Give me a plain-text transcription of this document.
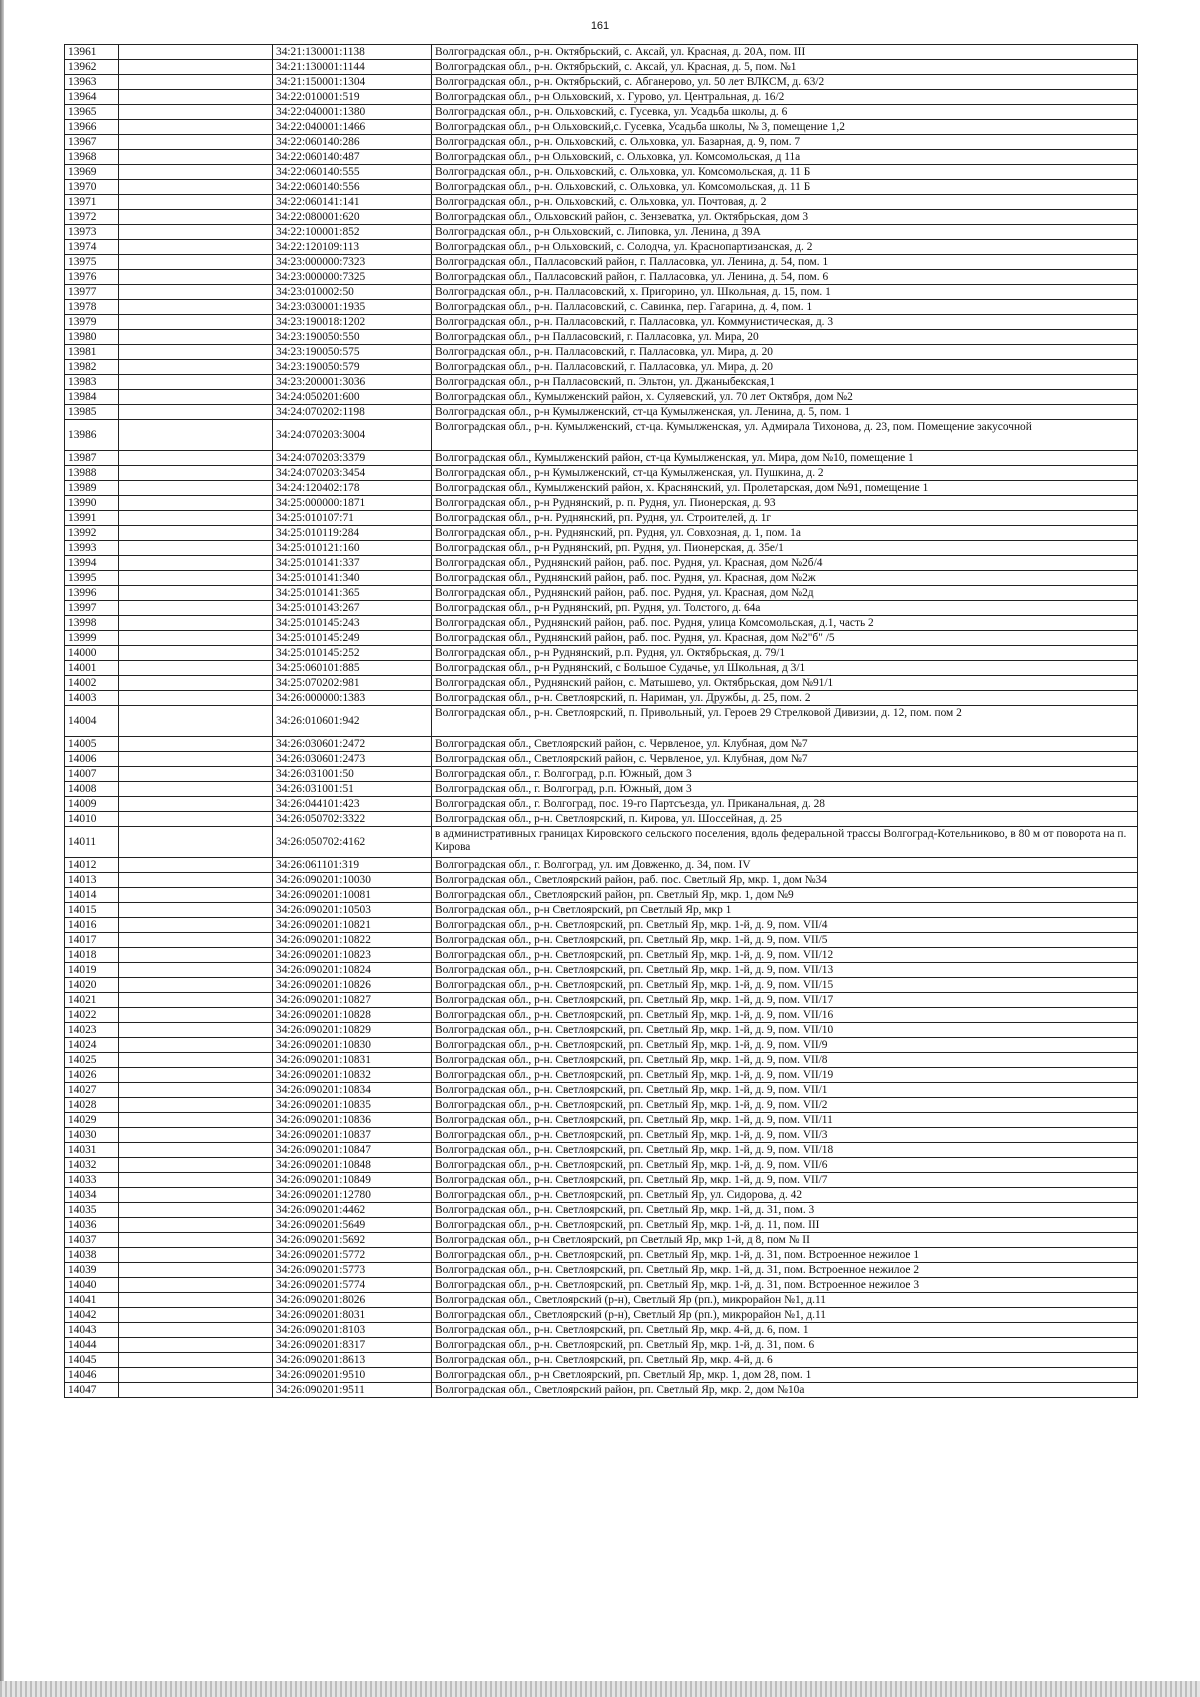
161
13961		34:21:130001:1138	Волгоградская обл., р-н. Октябрьский, с. Аксай, ул. Красная, д. 20А, пом. III
13962		34:21:130001:1144	Волгоградская обл., р-н. Октябрьский, с. Аксай, ул. Красная, д. 5, пом. №1
13963		34:21:150001:1304	Волгоградская обл., р-н. Октябрьский, с. Абганерово, ул. 50 лет ВЛКСМ, д. 63/2
13964		34:22:010001:519	Волгоградская обл., р-н Ольховский, х. Гурово, ул. Центральная, д. 16/2
13965		34:22:040001:1380	Волгоградская обл., р-н. Ольховский, с. Гусевка, ул. Усадьба школы, д. 6
13966		34:22:040001:1466	Волгоградская обл., р-н Ольховский,с. Гусевка, Усадьба школы, № 3, помещение 1,2
13967		34:22:060140:286	Волгоградская обл., р-н. Ольховский, с. Ольховка, ул. Базарная, д. 9, пом. 7
13968		34:22:060140:487	Волгоградская обл., р-н Ольховский, с. Ольховка, ул. Комсомольская, д 11а
13969		34:22:060140:555	Волгоградская обл., р-н. Ольховский, с. Ольховка, ул. Комсомольская, д. 11 Б
13970		34:22:060140:556	Волгоградская обл., р-н. Ольховский, с. Ольховка, ул. Комсомольская, д. 11 Б
13971		34:22:060141:141	Волгоградская обл., р-н. Ольховский, с. Ольховка, ул. Почтовая, д. 2
13972		34:22:080001:620	Волгоградская обл., Ольховский район, с. Зензеватка, ул. Октябрьская, дом 3
13973		34:22:100001:852	Волгоградская обл., р-н Ольховский, с. Липовка, ул. Ленина, д 39А
13974		34:22:120109:113	Волгоградская обл., р-н Ольховский, с. Солодча, ул. Краснопартизанская, д. 2
13975		34:23:000000:7323	Волгоградская обл., Палласовский район, г. Палласовка, ул. Ленина, д. 54, пом. 1
13976		34:23:000000:7325	Волгоградская обл., Палласовский район, г. Палласовка, ул. Ленина, д. 54, пом. 6
13977		34:23:010002:50	Волгоградская обл., р-н. Палласовский, х. Пригорино, ул. Школьная, д. 15, пом. 1
13978		34:23:030001:1935	Волгоградская обл., р-н. Палласовский, с. Савинка, пер. Гагарина, д. 4, пом. 1
13979		34:23:190018:1202	Волгоградская обл., р-н. Палласовский, г. Палласовка, ул. Коммунистическая, д. 3
13980		34:23:190050:550	Волгоградская обл., р-н Палласовский, г. Палласовка, ул. Мира, 20
13981		34:23:190050:575	Волгоградская обл., р-н. Палласовский, г. Палласовка, ул. Мира, д. 20
13982		34:23:190050:579	Волгоградская обл., р-н. Палласовский, г. Палласовка, ул. Мира, д. 20
13983		34:23:200001:3036	Волгоградская обл., р-н Палласовский, п. Эльтон, ул. Джаныбекская,1
13984		34:24:050201:600	Волгоградская обл., Кумылженский район, х. Суляевский, ул. 70 лет Октября, дом №2
13985		34:24:070202:1198	Волгоградская обл., р-н Кумылженский, ст-ца Кумылженская, ул. Ленина, д. 5, пом. 1
13986		34:24:070203:3004	Волгоградская обл., р-н. Кумылженский, ст-ца. Кумылженская, ул. Адмирала Тихонова, д. 23, пом. Помещение закусочной
13987		34:24:070203:3379	Волгоградская обл., Кумылженский район, ст-ца Кумылженская, ул. Мира, дом №10, помещение 1
13988		34:24:070203:3454	Волгоградская обл., р-н Кумылженский, ст-ца Кумылженская, ул. Пушкина, д. 2
13989		34:24:120402:178	Волгоградская обл., Кумылженский район, х. Краснянский, ул. Пролетарская, дом №91, помещение 1
13990		34:25:000000:1871	Волгоградская обл., р-н Руднянский, р. п. Рудня, ул. Пионерская, д. 93
13991		34:25:010107:71	Волгоградская обл., р-н. Руднянский, рп. Рудня, ул. Строителей, д. 1г
13992		34:25:010119:284	Волгоградская обл., р-н. Руднянский, рп. Рудня, ул. Совхозная, д. 1, пом. 1а
13993		34:25:010121:160	Волгоградская обл., р-н Руднянский, рп. Рудня, ул. Пионерская, д. 35е/1
13994		34:25:010141:337	Волгоградская обл., Руднянский район, раб. пос. Рудня, ул. Красная, дом №2б/4
13995		34:25:010141:340	Волгоградская обл., Руднянский район, раб. пос. Рудня, ул. Красная, дом №2ж
13996		34:25:010141:365	Волгоградская обл., Руднянский район, раб. пос. Рудня, ул. Красная, дом №2д
13997		34:25:010143:267	Волгоградская обл., р-н Руднянский, рп. Рудня, ул. Толстого, д. 64а
13998		34:25:010145:243	Волгоградская обл., Руднянский район, раб. пос. Рудня, улица Комсомольская, д.1, часть 2
13999		34:25:010145:249	Волгоградская обл., Руднянский район, раб. пос. Рудня, ул. Красная, дом №2"б" /5
14000		34:25:010145:252	Волгоградская обл., р-н Руднянский, р.п. Рудня, ул. Октябрьская, д. 79/1
14001		34:25:060101:885	Волгоградская обл., р-н Руднянский, с Большое Судачье, ул Школьная, д 3/1
14002		34:25:070202:981	Волгоградская обл., Руднянский район, с. Матышево, ул. Октябрьская, дом №91/1
14003		34:26:000000:1383	Волгоградская обл., р-н. Светлоярский, п. Нариман, ул. Дружбы, д. 25, пом. 2
14004		34:26:010601:942	Волгоградская обл., р-н. Светлоярский, п. Привольный, ул. Героев 29 Стрелковой Дивизии, д. 12, пом. пом 2
14005		34:26:030601:2472	Волгоградская обл., Светлоярский район, с. Червленое, ул. Клубная, дом №7
14006		34:26:030601:2473	Волгоградская обл., Светлоярский район, с. Червленое, ул. Клубная, дом №7
14007		34:26:031001:50	Волгоградская обл., г. Волгоград, р.п. Южный, дом 3
14008		34:26:031001:51	Волгоградская обл., г. Волгоград, р.п. Южный, дом 3
14009		34:26:044101:423	Волгоградская обл., г. Волгоград, пос. 19-го Партсъезда, ул. Приканальная, д. 28
14010		34:26:050702:3322	Волгоградская обл., р-н. Светлоярский, п. Кирова, ул. Шоссейная, д. 25
14011		34:26:050702:4162	в административных границах Кировского сельского поселения, вдоль федеральной трассы Волгоград-Котельниково, в 80 м от поворота на п. Кирова
14012		34:26:061101:319	Волгоградская обл., г. Волгоград, ул. им Довженко, д. 34, пом. IV
14013		34:26:090201:10030	Волгоградская обл., Светлоярский район, раб. пос. Светлый Яр, мкр. 1, дом №34
14014		34:26:090201:10081	Волгоградская обл., Светлоярский район, рп. Светлый Яр, мкр. 1, дом №9
14015		34:26:090201:10503	Волгоградская обл., р-н Светлоярский, рп Светлый Яр, мкр 1
14016		34:26:090201:10821	Волгоградская обл., р-н. Светлоярский, рп. Светлый Яр, мкр. 1-й, д. 9, пом. VII/4
14017		34:26:090201:10822	Волгоградская обл., р-н. Светлоярский, рп. Светлый Яр, мкр. 1-й, д. 9, пом. VII/5
14018		34:26:090201:10823	Волгоградская обл., р-н. Светлоярский, рп. Светлый Яр, мкр. 1-й, д. 9, пом. VII/12
14019		34:26:090201:10824	Волгоградская обл., р-н. Светлоярский, рп. Светлый Яр, мкр. 1-й, д. 9, пом. VII/13
14020		34:26:090201:10826	Волгоградская обл., р-н. Светлоярский, рп. Светлый Яр, мкр. 1-й, д. 9, пом. VII/15
14021		34:26:090201:10827	Волгоградская обл., р-н. Светлоярский, рп. Светлый Яр, мкр. 1-й, д. 9, пом. VII/17
14022		34:26:090201:10828	Волгоградская обл., р-н. Светлоярский, рп. Светлый Яр, мкр. 1-й, д. 9, пом. VII/16
14023		34:26:090201:10829	Волгоградская обл., р-н. Светлоярский, рп. Светлый Яр, мкр. 1-й, д. 9, пом. VII/10
14024		34:26:090201:10830	Волгоградская обл., р-н. Светлоярский, рп. Светлый Яр, мкр. 1-й, д. 9, пом. VII/9
14025		34:26:090201:10831	Волгоградская обл., р-н. Светлоярский, рп. Светлый Яр, мкр. 1-й, д. 9, пом. VII/8
14026		34:26:090201:10832	Волгоградская обл., р-н. Светлоярский, рп. Светлый Яр, мкр. 1-й, д. 9, пом. VII/19
14027		34:26:090201:10834	Волгоградская обл., р-н. Светлоярский, рп. Светлый Яр, мкр. 1-й, д. 9, пом. VII/1
14028		34:26:090201:10835	Волгоградская обл., р-н. Светлоярский, рп. Светлый Яр, мкр. 1-й, д. 9, пом. VII/2
14029		34:26:090201:10836	Волгоградская обл., р-н. Светлоярский, рп. Светлый Яр, мкр. 1-й, д. 9, пом. VII/11
14030		34:26:090201:10837	Волгоградская обл., р-н. Светлоярский, рп. Светлый Яр, мкр. 1-й, д. 9, пом. VII/3
14031		34:26:090201:10847	Волгоградская обл., р-н. Светлоярский, рп. Светлый Яр, мкр. 1-й, д. 9, пом. VII/18
14032		34:26:090201:10848	Волгоградская обл., р-н. Светлоярский, рп. Светлый Яр, мкр. 1-й, д. 9, пом. VII/6
14033		34:26:090201:10849	Волгоградская обл., р-н. Светлоярский, рп. Светлый Яр, мкр. 1-й, д. 9, пом. VII/7
14034		34:26:090201:12780	Волгоградская обл., р-н. Светлоярский, рп. Светлый Яр, ул. Сидорова, д. 42
14035		34:26:090201:4462	Волгоградская обл., р-н. Светлоярский, рп. Светлый Яр, мкр. 1-й, д. 31, пом. 3
14036		34:26:090201:5649	Волгоградская обл., р-н. Светлоярский, рп. Светлый Яр, мкр. 1-й, д. 11, пом. III
14037		34:26:090201:5692	Волгоградская обл., р-н Светлоярский, рп Светлый Яр, мкр 1-й, д 8, пом № II
14038		34:26:090201:5772	Волгоградская обл., р-н. Светлоярский, рп. Светлый Яр, мкр. 1-й, д. 31, пом. Встроенное нежилое 1
14039		34:26:090201:5773	Волгоградская обл., р-н. Светлоярский, рп. Светлый Яр, мкр. 1-й, д. 31, пом. Встроенное нежилое 2
14040		34:26:090201:5774	Волгоградская обл., р-н. Светлоярский, рп. Светлый Яр, мкр. 1-й, д. 31, пом. Встроенное нежилое 3
14041		34:26:090201:8026	Волгоградская обл., Светлоярский (р-н), Светлый Яр (рп.), микрорайон №1, д.11
14042		34:26:090201:8031	Волгоградская обл., Светлоярский (р-н), Светлый Яр (рп.), микрорайон №1, д.11
14043		34:26:090201:8103	Волгоградская обл., р-н. Светлоярский, рп. Светлый Яр, мкр. 4-й, д. 6, пом. 1
14044		34:26:090201:8317	Волгоградская обл., р-н. Светлоярский, рп. Светлый Яр, мкр. 1-й, д. 31, пом. 6
14045		34:26:090201:8613	Волгоградская обл., р-н. Светлоярский, рп. Светлый Яр, мкр. 4-й, д. 6
14046		34:26:090201:9510	Волгоградская обл., р-н Светлоярский, рп. Светлый Яр, мкр. 1, дом 28, пом. 1
14047		34:26:090201:9511	Волгоградская обл., Светлоярский район, рп. Светлый Яр, мкр. 2, дом №10а
